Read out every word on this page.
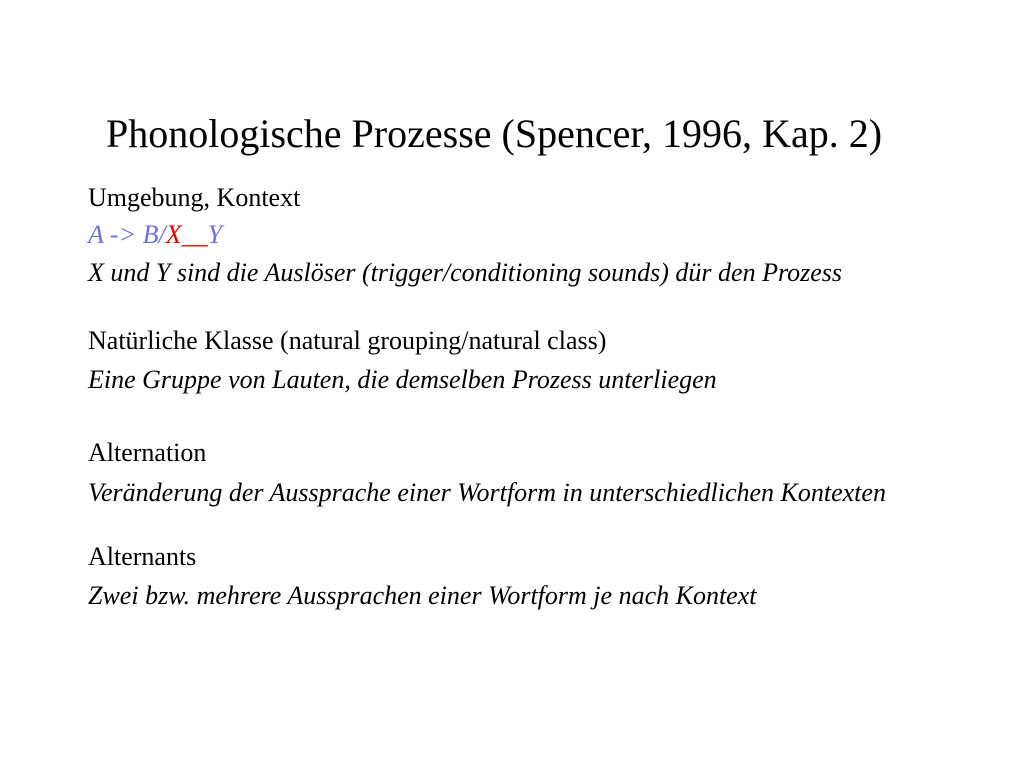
Phonologische Prozesse (Spencer, 1996, Kap. 2)
Umgebung, Kontext
A -> B/X__Y
X und Y sind die Auslöser (trigger/conditioning sounds) dür den Prozess
Natürliche Klasse (natural grouping/natural class)
Eine Gruppe von Lauten, die demselben Prozess unterliegen
Alternation
Veränderung der Aussprache einer Wortform in unterschiedlichen Kontexten
Alternants
Zwei bzw. mehrere Aussprachen einer Wortform je nach Kontext
